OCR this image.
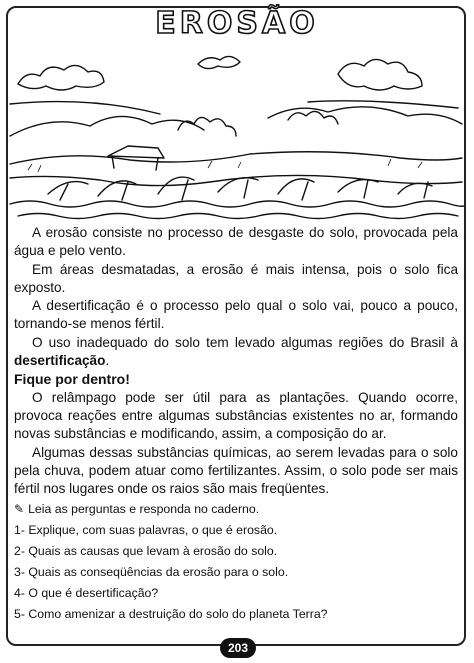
EROSÃO

A erosão consiste no processo de desgaste do solo, provocada pela água e pelo vento.

Em áreas desmatadas, a erosão é mais intensa, pois o solo fica exposto.

A desertificação é o processo pelo qual o solo vai, pouco a pouco, tornando-se menos fértil.

O uso inadequado do solo tem levado algumas regiões do Brasil à desertificação.

Fique por dentro!

O relâmpago pode ser útil para as plantações. Quando ocorre, provoca reações entre algumas substâncias existentes no ar, formando novas substâncias e modificando, assim, a composição do ar.

Algumas dessas substâncias químicas, ao serem levadas para o solo pela chuva, podem atuar como fertilizantes. Assim, o solo pode ser mais fértil nos lugares onde os raios são mais freqüentes.

✎ Leia as perguntas e responda no caderno.
1- Explique, com suas palavras, o que é erosão.
2- Quais as causas que levam à erosão do solo.
3- Quais as conseqüências da erosão para o solo.
4- O que é desertificação?
5- Como amenizar a destruição do solo do planeta Terra?
203
